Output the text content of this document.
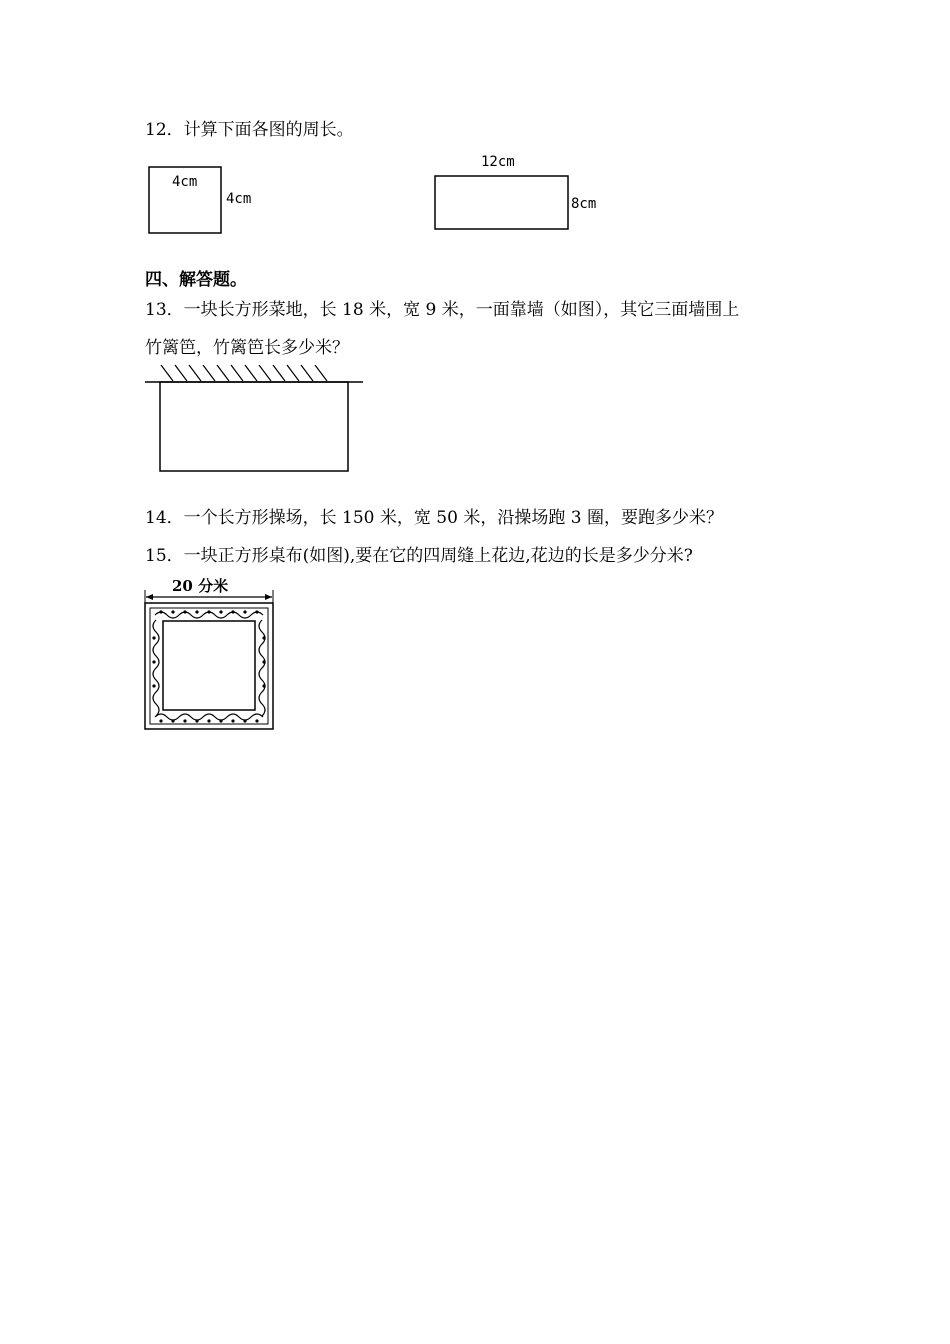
12．计算下面各图的周长。
4cm
4cm
12cm
8cm
四、解答题。
13．一块长方形菜地，长 18 米，宽 9 米，一面靠墙（如图），其它三面墙围上
竹篱笆，竹篱笆长多少米？
14．一个长方形操场，长 150 米，宽 50 米，沿操场跑 3 圈，要跑多少米？
15．一块正方形桌布(如图),要在它的四周缝上花边,花边的长是多少分米?
20 分米
